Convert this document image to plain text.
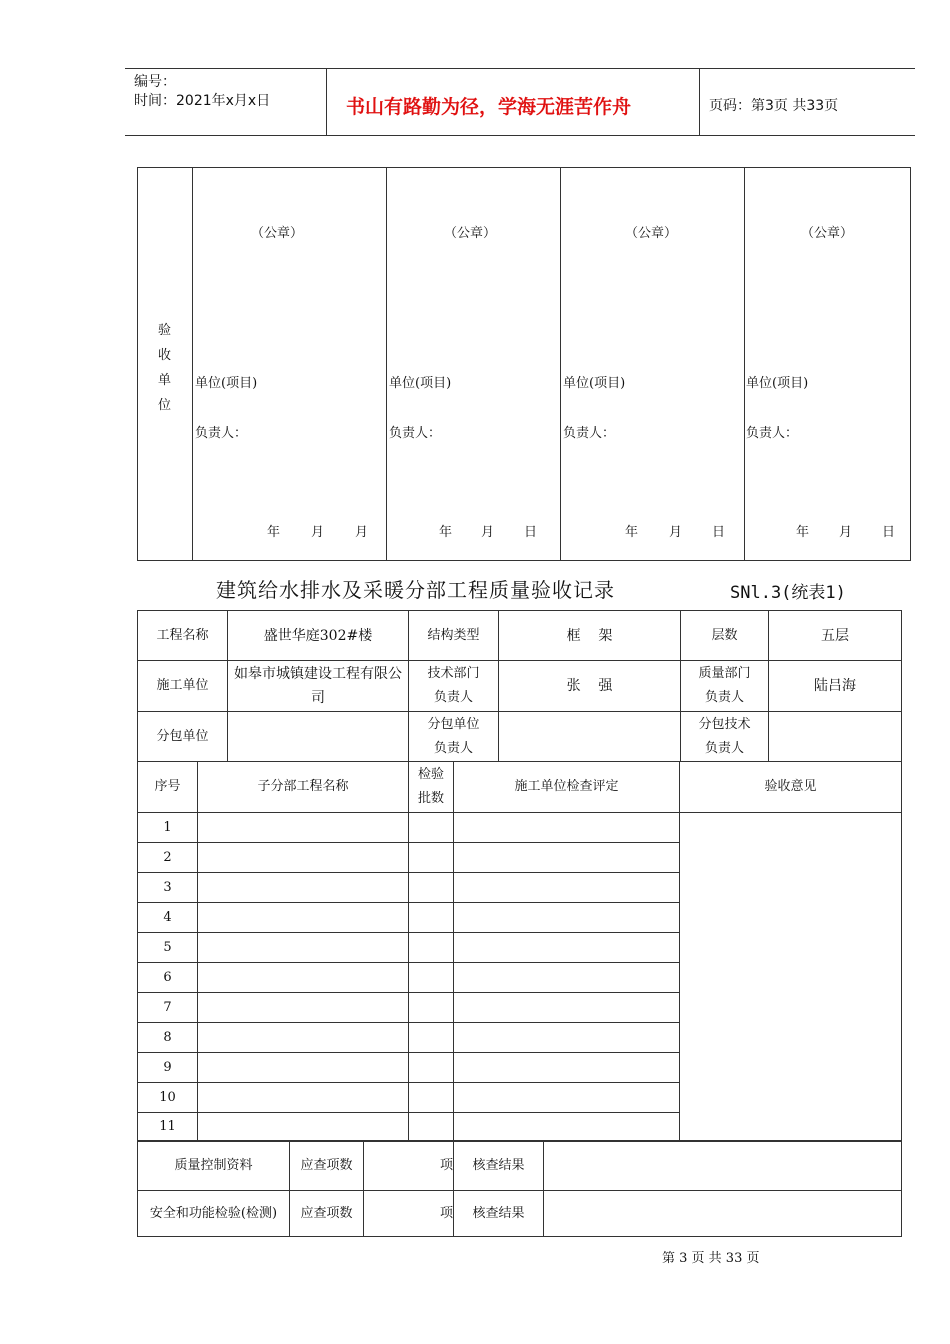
编号：
时间：2021年x月x日	书山有路勤为径，学海无涯苦作舟	页码：第3页 共33页
验
收
单
位

（公章）
单位(项目)
负责人：
年 月 月

（公章）
单位(项目)
负责人：
年 月 日

（公章）
单位(项目)
负责人：
年 月 日

（公章）
单位(项目)
负责人：
年 月 日
建筑给水排水及采暖分部工程质量验收记录	SNl.3(统表1)
工程名称	盛世华庭302#楼	结构类型	框    架	层数	五层
施工单位	如皋市城镇建设工程有限公司	技术部门    负责人	张    强	质量部门负责人	陆吕海
分包单位		分包单位负责人		分包技术负责人	
序号	子分部工程名称	检验批数	施工单位检查评定	验收意见
1				
2				
3				
4				
5				
6				
7				
8				
9				
10				
11				
质量控制资料	应查项数	项	核查结果	
安全和功能检验(检测)	应查项数	项	核查结果	
第 3 页 共 33 页
